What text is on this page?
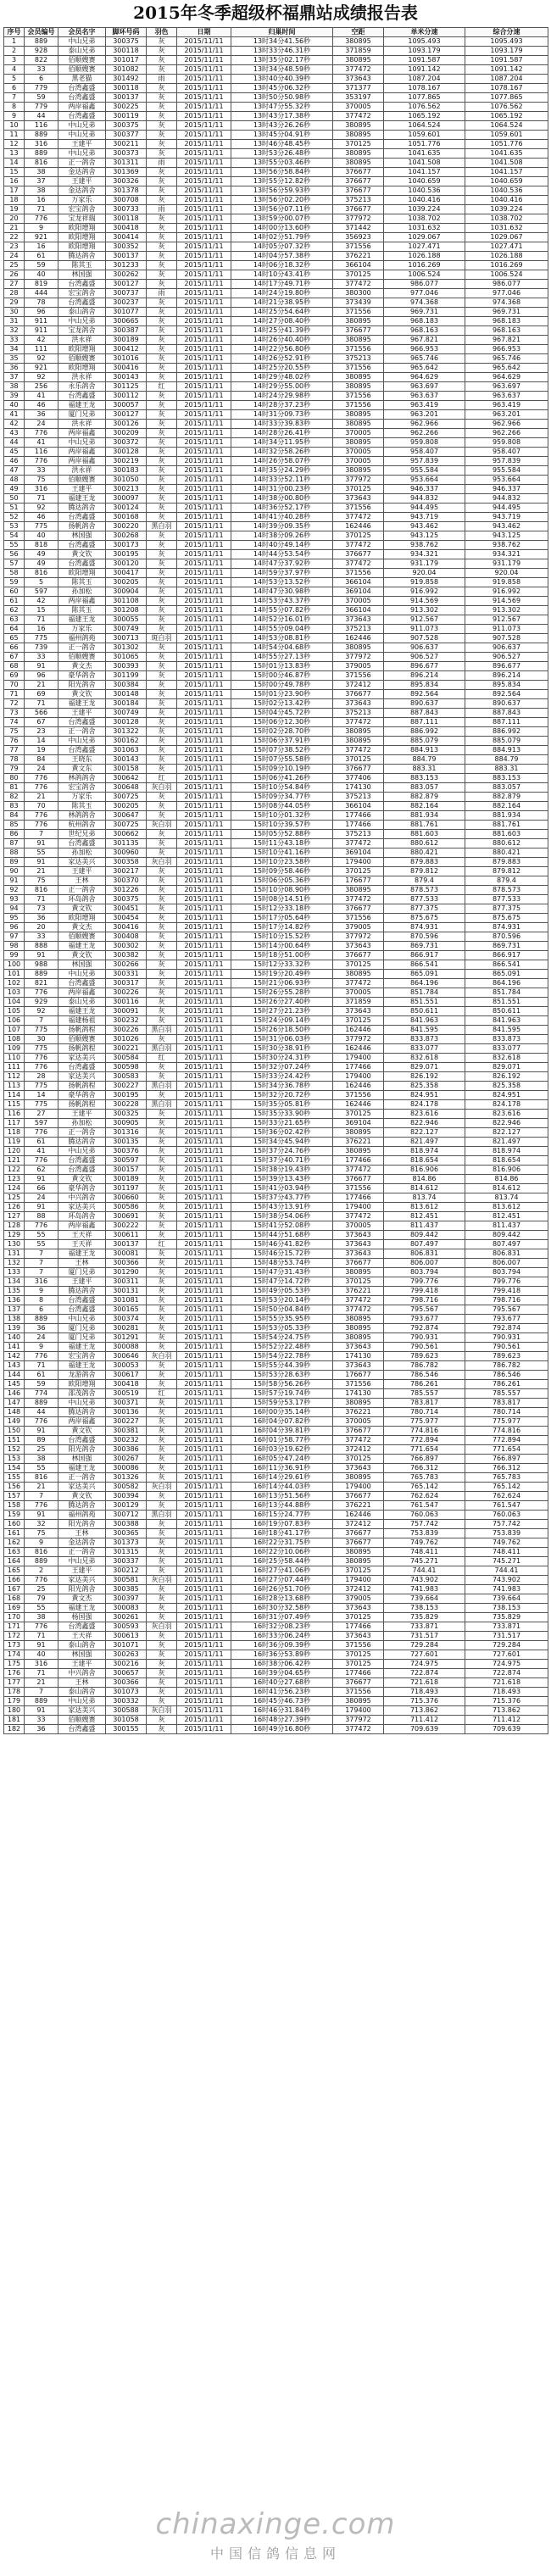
2015年冬季超级杯福鼎站成绩报告表
序号	会员编号	会员名字	脚环号码	羽色	日期	归巢时间	空距	单米分速	综合分速
1	889	中山兄弟	300375	灰	2015/11/11	13时34分41.56秒	380895	1095.493	1095.493
2	928	泰山兄弟	300118	灰	2015/11/11	13时33分46.31秒	371859	1093.179	1093.179
3	822	佰顺嫂赛	301017	灰	2015/11/11	13时35分02.17秒	380895	1091.587	1091.587
4	33	佰顺嫂赛	301082	灰	2015/11/11	13时34分48.59秒	377472	1091.142	1091.142
5	6	黑老猫	301492	雨	2015/11/11	13时40分40.39秒	373643	1087.204	1087.204
6	779	台湾鑫盛	300118	灰	2015/11/11	13时45分06.32秒	371377	1078.167	1078.167
7	59	台湾鑫盛	300137	灰	2015/11/11	13时50分50.98秒	353197	1077.865	1077.865
8	779	两岸福鑫	300225	灰	2015/11/11	13时47分55.32秒	370005	1076.562	1076.562
9	44	台湾鑫盛	300119	灰	2015/11/11	13时43分17.38秒	377472	1065.192	1065.192
10	116	中山兄弟	300375	灰	2015/11/11	13时43分26.26秒	380895	1064.524	1064.524
11	889	中山兄弟	300377	灰	2015/11/11	13时45分04.91秒	380895	1059.601	1059.601
12	316	王建平	300211	灰	2015/11/11	13时46分48.45秒	370125	1051.776	1051.776
13	889	中山兄弟	300373	灰	2015/11/11	13时53分26.48秒	380895	1041.635	1041.635
14	816	正一鸽舍	301311	雨	2015/11/11	13时55分03.46秒	380895	1041.508	1041.508
15	38	金达鸽舍	301369	灰	2015/11/11	13时56分58.84秒	376677	1041.157	1041.157
16	37	王建平	300326	灰	2015/11/11	13时55分12.82秒	376677	1040.659	1040.659
17	38	金达鸽舍	301378	灰	2015/11/11	13时56分59.93秒	376677	1040.536	1040.536
18	16	万家乐	300708	灰	2015/11/11	13时56分02.20秒	375213	1040.416	1040.416
19	71	宏宝鸽舍	300733	雨	2015/11/11	13时56分07.11秒	376677	1039.224	1039.224
20	776	宝龙祥瑞	300118	灰	2015/11/11	13时59分00.07秒	377972	1038.702	1038.702
21	9	欧阳增翔	300418	灰	2015/11/11	14时00分13.60秒	371442	1031.632	1031.632
22	921	欧阳增翔	300414	灰	2015/11/11	14时02分51.79秒	356923	1029.067	1029.067
23	16	欧阳增翔	300352	灰	2015/11/11	14时05分07.32秒	371556	1027.471	1027.471
24	61	腾达鸽舍	300137	灰	2015/11/11	14时04分57.38秒	376221	1026.188	1026.188
25	59	陈其玉	301233	灰	2015/11/11	14时06分18.32秒	366104	1016.269	1016.269
26	40	林国强	300262	灰	2015/11/11	14时10分43.41秒	370125	1006.524	1006.524
27	819	台湾鑫盛	300127	灰	2015/11/11	14时17分49.71秒	377472	986.077	986.077
28	444	宏宝鸽舍	300737	雨	2015/11/11	14时24分19.80秒	380300	977.046	977.046
29	78	台湾鑫盛	300237	灰	2015/11/11	14时21分38.95秒	373439	974.368	974.368
30	96	泰山鸽舍	301077	灰	2015/11/11	14时25分54.64秒	371556	969.731	969.731
31	911	中山兄弟	300665	灰	2015/11/11	14时27分08.40秒	380895	968.183	968.183
32	911	宝龙鸽舍	300387	灰	2015/11/11	14时25分41.39秒	376677	968.163	968.163
33	42	洪永祥	300189	灰	2015/11/11	14时26分40.40秒	380895	967.821	967.821
34	111	欧阳增翔	300412	灰	2015/11/11	14时22分56.80秒	371556	966.953	966.953
35	92	佰顺嫂赛	301016	灰	2015/11/11	14时26分52.91秒	375213	965.746	965.746
36	921	欧阳增翔	300416	灰	2015/11/11	14时25分20.55秒	371556	965.642	965.642
37	92	洪永祥	300143	灰	2015/11/11	14时29分48.02秒	380895	964.629	964.629
38	256	永乐鸽舍	301125	红	2015/11/11	14时29分55.00秒	380895	963.697	963.697
39	41	台湾鑫盛	300112	灰	2015/11/11	14时24分29.98秒	371556	963.637	963.637
40	46	福建王龙	300057	灰	2015/11/11	14时28分37.23秒	371556	963.419	963.419
41	36	厦门兄弟	300127	灰	2015/11/11	14时31分09.73秒	380895	963.201	963.201
42	24	洪永祥	300126	灰	2015/11/11	14时33分39.83秒	380895	962.966	962.966
43	776	两岸福鑫	300209	灰	2015/11/11	14时28分26.41秒	370005	962.266	962.266
44	41	中山兄弟	300372	灰	2015/11/11	14时34分11.95秒	380895	959.808	959.808
45	116	两岸福鑫	300128	灰	2015/11/11	14时32分58.26秒	370005	958.407	958.407
46	776	两岸福鑫	300219	灰	2015/11/11	14时26分58.07秒	370005	957.839	957.839
47	33	洪永祥	300183	灰	2015/11/11	14时35分24.29秒	380895	955.584	955.584
48	75	佰顺嫂赛	301050	灰	2015/11/11	14时33分52.11秒	377972	953.664	953.664
49	316	王建平	300213	灰	2015/11/11	14时31分00.23秒	370125	946.337	946.337
50	71	福建王龙	300097	灰	2015/11/11	14时38分00.80秒	373643	944.832	944.832
51	92	腾达鸽舍	300124	灰	2015/11/11	14时36分52.17秒	371556	944.495	944.495
52	46	台湾鑫盛	300168	灰	2015/11/11	14时41分40.28秒	377472	943.719	943.719
53	775	扬帆鸽舍	300220	黑白羽	2015/11/11	14时39分09.35秒	162446	943.462	943.462
54	40	林国强	300268	灰	2015/11/11	14时38分09.26秒	370125	943.125	943.125
55	818	台湾鑫盛	300173	灰	2015/11/11	14时40分49.14秒	377472	938.762	938.762
56	49	黄文钦	300195	灰	2015/11/11	14时44分53.54秒	376677	934.321	934.321
57	49	台湾鑫盛	300120	灰	2015/11/11	14时47分37.92秒	377472	931.179	931.179
58	816	欧阳增翔	300417	灰	2015/11/11	14时59分37.97秒	371556	920.04	920.04
59	5	陈其玉	300205	灰	2015/11/11	14时53分13.52秒	366104	919.858	919.858
60	597	孙加松	300904	灰	2015/11/11	14时47分30.98秒	369104	916.992	916.992
61	42	两岸福鑫	301108	灰	2015/11/11	14时53分43.37秒	370005	914.569	914.569
62	15	陈其玉	301208	灰	2015/11/11	14时55分07.82秒	366104	913.302	913.302
63	71	福建王龙	300055	灰	2015/11/11	14时52分16.01秒	373643	912.567	912.567
64	16	万家乐	300749	灰	2015/11/11	14时55分09.04秒	375213	911.073	911.073
65	775	福州鸽苑	300713	斑白羽	2015/11/11	14时53分08.81秒	162446	907.528	907.528
66	739	正一鸽舍	301302	灰	2015/11/11	14时54分04.68秒	380895	906.637	906.637
67	33	佰顺嫂赛	301065	灰	2015/11/11	14时55分27.13秒	377972	906.527	906.527
68	91	黄文杰	300393	灰	2015/11/11	15时01分13.83秒	379005	896.677	896.677
69	96	豪华鸽舍	301199	灰	2015/11/11	15时00分46.87秒	371556	896.214	896.214
70	21	阳光鸽舍	300384	灰	2015/11/11	15时00分49.78秒	372412	895.834	895.834
71	69	黄文钦	300148	灰	2015/11/11	15时01分23.90秒	376677	892.564	892.564
72	71	福建王龙	300184	灰	2015/11/11	15时02分13.42秒	373643	890.637	890.637
73	566	王建平	300749	灰	2015/11/11	15时04分45.72秒	375213	887.843	887.843
74	67	台湾鑫盛	300128	灰	2015/11/11	15时06分12.30秒	377472	887.111	887.111
75	23	正一鸽舍	301322	灰	2015/11/11	15时02分28.70秒	380895	886.992	886.992
76	14	中山兄弟	300162	灰	2015/11/11	15时06分37.91秒	380895	885.079	885.079
77	19	台湾鑫盛	301063	灰	2015/11/11	15时07分38.52秒	377472	884.913	884.913
78	84	王晓东	300143	灰	2015/11/11	15时07分55.58秒	370125	884.79	884.79
79	24	黄文东	300158	灰	2015/11/11	15时09分10.19秒	376677	883.31	883.31
80	776	林鸽鸽舍	300642	红	2015/11/11	15时06分41.26秒	377406	883.153	883.153
81	776	宏宝鸽舍	300648	灰白羽	2015/11/11	15时10分54.84秒	174130	883.057	883.057
82	21	万家乐	300725	灰	2015/11/11	15时09分34.77秒	375213	882.879	882.879
83	70	陈其玉	300205	灰	2015/11/11	15时08分44.05秒	366104	882.164	882.164
84	776	林鸽鸽舍	300647	灰	2015/11/11	15时10分01.32秒	177466	881.934	881.934
85	776	杭州鸽舍	300725	灰白羽	2015/11/11	15时10分39.57秒	177466	881.761	881.761
86	7	世纪兄弟	300662	灰	2015/11/11	15时05分52.88秒	375213	881.603	881.603
87	91	台湾鑫盛	301135	灰	2015/11/11	15时11分43.18秒	377472	880.612	880.612
88	55	孙加松	300960	灰	2015/11/11	15时10分41.16秒	369104	880.421	880.421
89	91	家达美兴	300358	灰白羽	2015/11/11	15时10分23.58秒	179400	879.883	879.883
90	21	王建平	300217	灰	2015/11/11	15时09分58.46秒	370125	879.812	879.812
91	75	王林	300370	灰	2015/11/11	15时06分05.36秒	176677	879.4	879.4
92	816	正一鸽舍	301226	灰	2015/11/11	15时10分08.90秒	380895	878.573	878.573
93	71	环岛鸽舍	300375	灰	2015/11/11	15时08分14.51秒	377472	877.533	877.533
94	73	黄文钦	300451	灰	2015/11/11	15时12分33.18秒	376677	877.375	877.375
95	36	欧阳增翔	300454	灰	2015/11/11	15时17分05.64秒	371556	875.675	875.675
96	20	黄文杰	300416	灰	2015/11/11	15时17分14.82秒	379005	874.931	874.931
97	33	佰顺嫂赛	300408	灰	2015/11/11	15时10分15.52秒	377972	870.596	870.596
98	888	福建王龙	300302	灰	2015/11/11	15时14分00.64秒	373643	869.731	869.731
99	91	黄文钦	300382	灰	2015/11/11	15时18分51.00秒	376677	866.917	866.917
100	988	林国强	300266	灰	2015/11/11	15时12分33.32秒	370125	866.541	866.541
101	889	中山兄弟	300331	灰	2015/11/11	15时19分20.49秒	380895	865.091	865.091
102	821	台湾鑫盛	300317	灰	2015/11/11	15时21分06.93秒	377472	864.196	864.196
103	776	两岸福鑫	300226	灰	2015/11/11	15时26分55.28秒	370005	851.784	851.784
104	929	泰山兄弟	300116	灰	2015/11/11	15时26分27.40秒	371859	851.551	851.551
105	92	福建王龙	300091	灰	2015/11/11	15时27分21.23秒	373643	850.611	850.611
106	7	福建杨祖	300232	灰	2015/11/11	15时24分09.14秒	370125	841.963	841.963
107	775	扬帆鸽程	300226	黑白羽	2015/11/11	15时26分18.50秒	162446	841.595	841.595
108	30	佰顺嫂赛	301026	灰	2015/11/11	15时31分06.03秒	377972	833.873	833.873
109	775	扬帆鸽程	300221	黑白羽	2015/11/11	15时30分38.91秒	162446	833.077	833.077
110	776	家达美兴	300584	红	2015/11/11	15时30分24.31秒	179400	832.618	832.618
111	776	台湾鑫盛	300598	灰	2015/11/11	15时32分07.24秒	177466	829.071	829.071
112	28	家达美兴	300583	灰	2015/11/11	15时33分24.42秒	179400	826.192	826.192
113	775	扬帆鸽程	300227	黑白羽	2015/11/11	15时34分36.78秒	162446	825.358	825.358
114	14	豪华鸽舍	300195	灰	2015/11/11	15时32分20.72秒	371556	824.951	824.951
115	775	扬帆鸽程	300228	黑白羽	2015/11/11	15时35分05.81秒	162446	824.178	824.178
116	27	王建平	300325	灰	2015/11/11	15时35分33.90秒	370125	823.616	823.616
117	597	孙加松	300905	灰	2015/11/11	15时33分21.65秒	369104	822.946	822.946
118	776	正一鸽舍	301316	灰	2015/11/11	15时36分02.42秒	380895	822.127	822.127
119	61	腾达鸽舍	300135	灰	2015/11/11	15时34分45.94秒	376221	821.497	821.497
120	41	中山兄弟	300376	灰	2015/11/11	15时37分24.76秒	380895	818.974	818.974
121	776	台湾鑫盛	300597	灰	2015/11/11	15时37分40.71秒	177466	818.654	818.654
122	62	台湾鑫盛	300157	灰	2015/11/11	15时38分19.43秒	377472	816.906	816.906
123	91	黄文钦	300189	灰	2015/11/11	15时39分13.43秒	376677	814.86	814.86
124	66	豪华鸽舍	301197	灰	2015/11/11	15时41分03.94秒	371556	814.612	814.612
125	24	中兴鸽舍	300660	灰	2015/11/11	15时37分43.77秒	177466	813.74	813.74
126	91	家达美兴	300586	灰	2015/11/11	15时43分13.91秒	179400	813.612	813.612
127	88	环岛鸽舍	300691	灰	2015/11/11	15时38分54.06秒	377472	812.451	812.451
128	776	两岸福鑫	300222	灰	2015/11/11	15时41分52.08秒	370005	811.437	811.437
129	55	王天祥	300611	灰	2015/11/11	15时44分51.68秒	373643	809.442	809.442
130	55	王天祥	300137	红	2015/11/11	15时46分41.82秒	373643	807.497	807.497
131	7	福建王龙	300081	灰	2015/11/11	15时46分15.72秒	373643	806.831	806.831
132	7	王林	300366	灰	2015/11/11	15时48分53.74秒	376677	806.007	806.007
133	7	厦门兄弟	301290	灰	2015/11/11	15时47分31.43秒	380895	803.794	803.794
134	316	王建平	300311	灰	2015/11/11	15时47分14.72秒	370125	799.776	799.776
135	9	腾达鸽舍	300131	灰	2015/11/11	15时49分05.53秒	376221	799.418	799.418
136	8	台湾鑫盛	301081	灰	2015/11/11	15时53分20.14秒	377472	798.716	798.716
137	6	台湾鑫盛	300165	灰	2015/11/11	15时50分04.84秒	377472	795.567	795.567
138	889	中山兄弟	300374	灰	2015/11/11	15时55分35.95秒	380895	793.677	793.677
139	36	厦门兄弟	300281	灰	2015/11/11	15时53分05.33秒	380895	792.874	792.874
140	24	厦门兄弟	301291	灰	2015/11/11	15时54分24.75秒	380895	790.931	790.931
141	9	福建王龙	300088	灰	2015/11/11	15时52分22.48秒	373643	790.561	790.561
142	776	宏宝鸽舍	300646	灰白羽	2015/11/11	15时54分22.78秒	174130	789.623	789.623
143	71	福建王龙	300053	灰	2015/11/11	15时55分44.39秒	373643	786.782	786.782
144	61	龙游鸽舍	300617	灰	2015/11/11	15时53分28.63秒	176677	786.546	786.546
145	59	欧阳增翔	300418	灰	2015/11/11	15时58分56.26秒	371556	786.261	786.261
146	774	邵茂鸽舍	300519	红	2015/11/11	15时57分19.74秒	174130	785.557	785.557
147	889	中山兄弟	300371	灰	2015/11/11	15时59分53.17秒	380895	783.817	783.817
148	44	腾达鸽舍	300136	灰	2015/11/11	16时00分35.14秒	376221	780.714	780.714
149	776	两岸福鑫	300227	灰	2015/11/11	16时04分07.82秒	370005	775.977	775.977
150	91	黄文钦	300381	灰	2015/11/11	16时04分39.81秒	376677	774.816	774.816
151	89	台湾鑫盛	300232	灰	2015/11/11	16时01分58.77秒	377472	772.894	772.894
152	25	阳光鸽舍	300386	灰	2015/11/11	16时03分19.62秒	372412	771.654	771.654
153	38	林国强	300267	灰	2015/11/11	16时05分47.24秒	370125	766.897	766.897
154	55	福建王龙	300086	灰	2015/11/11	16时11分36.91秒	373643	766.312	766.312
155	816	正一鸽舍	301326	灰	2015/11/11	16时14分29.61秒	380895	765.783	765.783
156	21	家达美兴	300582	灰白羽	2015/11/11	16时14分44.03秒	179400	765.142	765.142
157	7	黄文钦	300394	灰	2015/11/11	16时13分51.56秒	376677	762.624	762.624
158	776	腾达鸽舍	300129	灰	2015/11/11	16时13分44.88秒	376221	761.547	761.547
159	91	福州鸽苑	300712	黑白羽	2015/11/11	16时15分24.77秒	162446	760.063	760.063
160	32	阳光鸽舍	300388	灰	2015/11/11	16时19分07.83秒	372412	757.742	757.742
161	75	王林	300365	灰	2015/11/11	16时18分41.17秒	376677	753.839	753.839
162	9	金达鸽舍	301373	灰	2015/11/11	16时22分31.75秒	376677	749.762	749.762
163	816	正一鸽舍	301315	灰	2015/11/11	16时22分10.06秒	380895	748.411	748.411
164	889	中山兄弟	300337	灰	2015/11/11	16时25分58.44秒	380895	745.271	745.271
165	2	王建平	300212	灰	2015/11/11	16时27分41.06秒	370125	744.41	744.41
166	776	家达美兴	300581	灰白羽	2015/11/11	16时27分07.44秒	179400	743.902	743.902
167	25	阳光鸽舍	300385	灰	2015/11/11	16时26分51.70秒	372412	741.983	741.983
168	79	黄文杰	300397	灰	2015/11/11	16时28分13.68秒	379005	739.664	739.664
169	55	福建王龙	300083	灰	2015/11/11	16时30分32.58秒	373643	738.153	738.153
170	38	杨国强	300261	灰	2015/11/11	16时31分07.49秒	370125	735.829	735.829
171	776	台湾鑫盛	300593	灰白羽	2015/11/11	16时32分08.23秒	177466	733.871	733.871
172	71	王天祥	300613	灰	2015/11/11	16时33分06.24秒	373643	731.517	731.517
173	91	泰山鸽舍	301071	灰	2015/11/11	16时36分09.39秒	371556	729.284	729.284
174	40	林国强	300263	灰	2015/11/11	16时36分53.89秒	370125	727.601	727.601
175	316	王建平	300216	灰	2015/11/11	16时38分06.42秒	370125	724.975	724.975
176	71	中兴鸽舍	300657	灰	2015/11/11	16时39分04.65秒	177466	722.874	722.874
177	21	王林	300366	灰	2015/11/11	16时40分27.68秒	376677	721.618	721.618
178	7	泰山鸽舍	301073	灰	2015/11/11	16时41分56.23秒	371556	718.493	718.493
179	889	中山兄弟	300332	灰	2015/11/11	16时45分46.73秒	380895	715.376	715.376
180	91	家达美兴	300588	灰白羽	2015/11/11	16时46分31.84秒	179400	713.862	713.862
181	33	佰顺嫂赛	301058	灰	2015/11/11	16时48分27.39秒	377972	711.412	711.412
182	36	台湾鑫盛	300155	灰	2015/11/11	16时49分16.80秒	377472	709.639	709.639
chinaxinge.com
中国信鸽信息网
